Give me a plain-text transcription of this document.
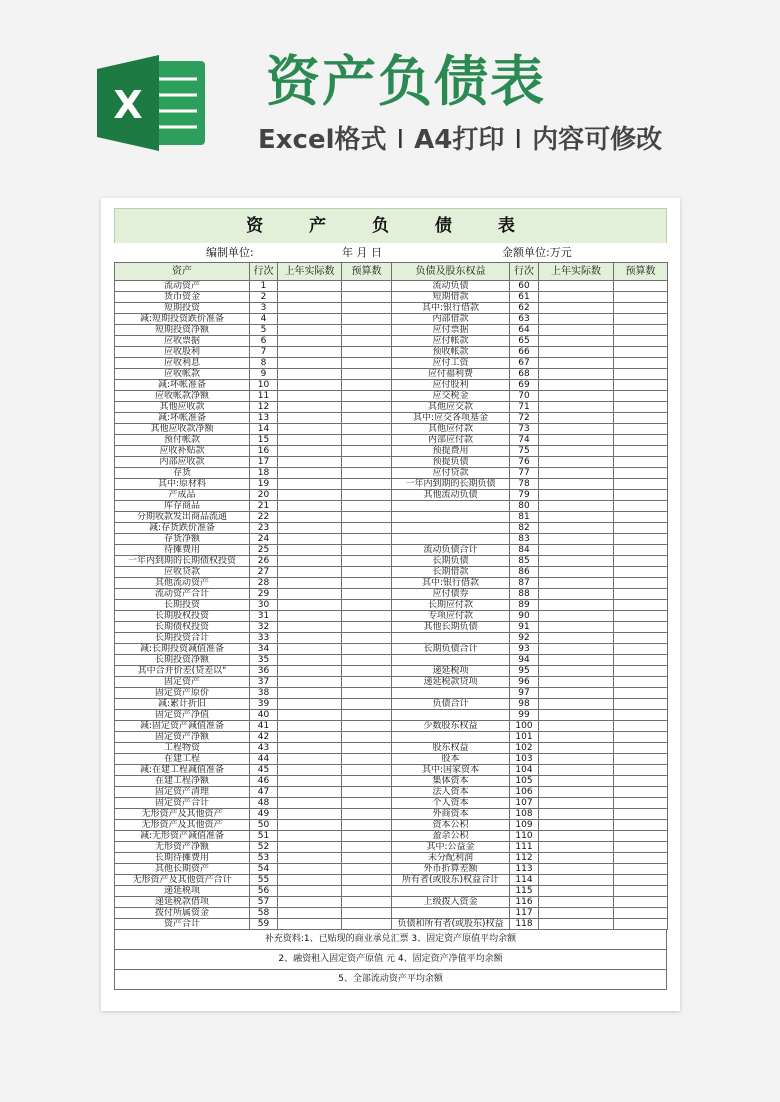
X 资产负债表
Excel格式 I A4打印 I 内容可修改
资 产 负 债 表
编制单位:	年 月 日	金额单位:万元
资产	行次	上年实际数	预算数	负债及股东权益	行次	上年实际数	预算数
流动资产	1			流动负债	60		
货币资金	2			短期借款	61		
短期投资	3			其中:银行借款	62		
减:短期投资跌价准备	4			内部借款	63		
短期投资净额	5			应付票据	64		
应收票据	6			应付帐款	65		
应收股利	7			预收帐款	66		
应收利息	8			应付工资	67		
应收帐款	9			应付福利费	68		
减:坏帐准备	10			应付股利	69		
应收帐款净额	11			应交税金	70		
其他应收款	12			其他应交款	71		
减:坏帐准备	13			其中:应交各项基金	72		
其他应收款净额	14			其他应付款	73		
预付帐款	15			内部应付款	74		
应收补贴款	16			预提费用	75		
内部应收款	17			预提负债	76		
存货	18			应付贷款	77		
其中:原材料	19			一年内到期的长期负债	78		
产成品	20			其他流动负债	79		
库存商品	21				80		
分期收款发出商品流通	22				81		
减:存货跌价准备	23				82		
存货净额	24				83		
待摊费用	25			流动负债合计	84		
一年内到期的长期债权投资	26			长期负债	85		
应收贷款	27			长期借款	86		
其他流动资产	28			其中:银行借款	87		
流动资产合计	29			应付债券	88		
长期投资	30			长期应付款	89		
长期股权投资	31			专项应付款	90		
长期债权投资	32			其他长期负债	91		
长期投资合计	33				92		
减:长期投资减值准备	34			长期负债合计	93		
长期投资净额	35				94		
其中合并价差(贷差以"	36			递延税项	95		
固定资产	37			递延税款贷项	96		
固定资产原价	38				97		
减:累计折旧	39			负债合计	98		
固定资产净值	40				99		
减:固定资产减值准备	41			少数股东权益	100		
固定资产净额	42				101		
工程物资	43			股东权益	102		
在建工程	44			股本	103		
减:在建工程减值准备	45			其中:国家资本	104		
在建工程净额	46			集体资本	105		
固定资产清理	47			法人资本	106		
固定资产合计	48			个人资本	107		
无形资产及其他资产	49			外商资本	108		
无形资产及其他资产	50			资本公积	109		
减:无形资产减值准备	51			盈余公积	110		
无形资产净额	52			其中:公益金	111		
长期待摊费用	53			未分配利润	112		
其他长期资产	54			外币折算差额	113		
无形资产及其他资产合计	55			所有者(或股东)权益合计	114		
递延税项	56				115		
递延税款借项	57			上级拨入资金	116		
拨付所属资金	58				117		
资产合计	59			负债和所有者(或股东)权益	118		
补充资料:1、已贴现的商业承兑汇票 3、固定资产原值平均余额
2、融资租入固定资产原值 元 4、固定资产净值平均余额
5、全部流动资产平均余额
